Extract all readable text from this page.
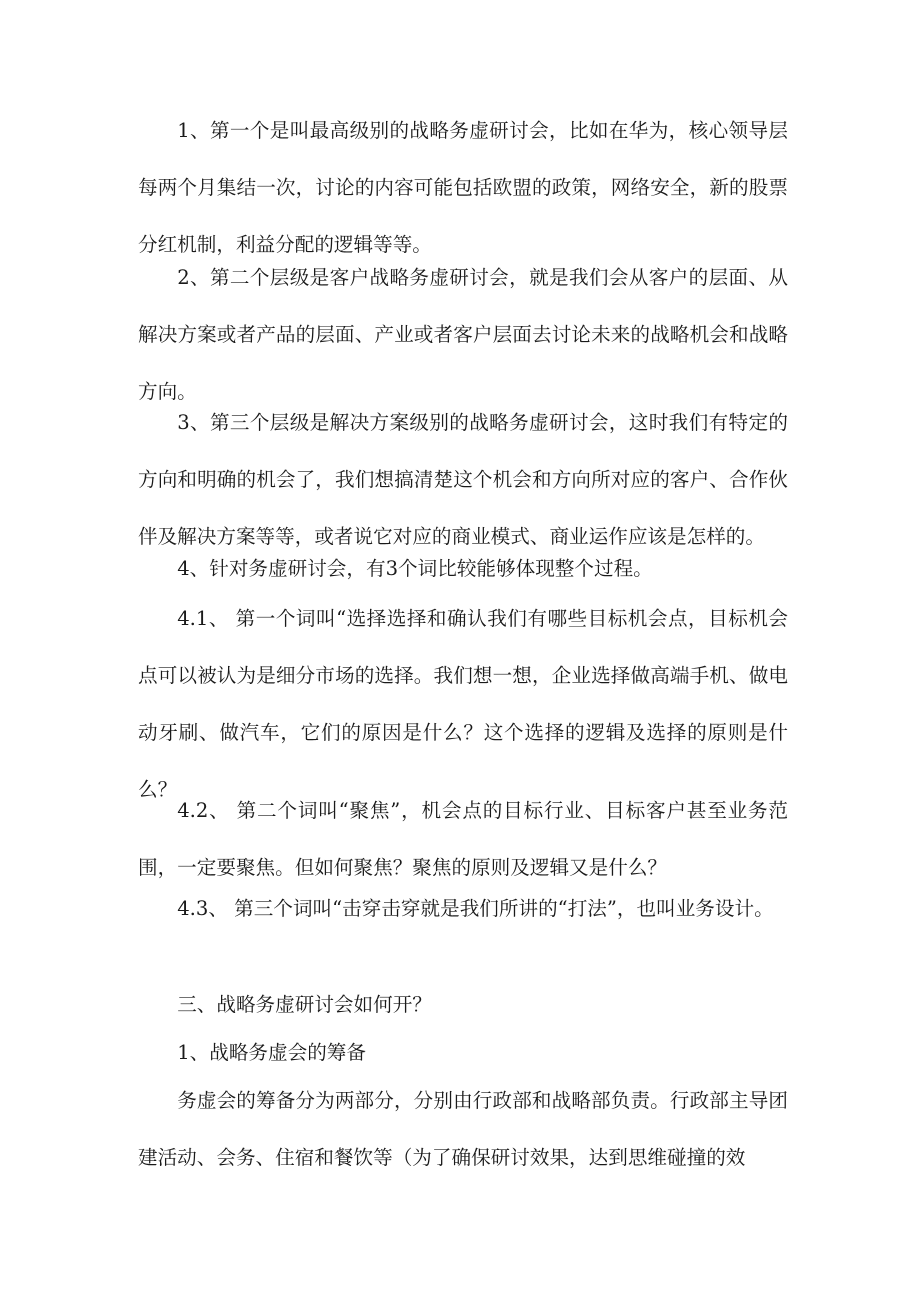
1、第一个是叫最高级别的战略务虚研讨会，比如在华为，核心领导层每两个月集结一次，讨论的内容可能包括欧盟的政策，网络安全，新的股票分红机制，利益分配的逻辑等等。

2、第二个层级是客户战略务虚研讨会，就是我们会从客户的层面、从解决方案或者产品的层面、产业或者客户层面去讨论未来的战略机会和战略方向。

3、第三个层级是解决方案级别的战略务虚研讨会，这时我们有特定的方向和明确的机会了，我们想搞清楚这个机会和方向所对应的客户、合作伙伴及解决方案等等，或者说它对应的商业模式、商业运作应该是怎样的。

4、针对务虚研讨会，有3个词比较能够体现整个过程。

4.1、 第一个词叫“选择选择和确认我们有哪些目标机会点，目标机会点可以被认为是细分市场的选择。我们想一想，企业选择做高端手机、做电动牙刷、做汽车，它们的原因是什么？这个选择的逻辑及选择的原则是什么？

4.2、 第二个词叫“聚焦”，机会点的目标行业、目标客户甚至业务范围，一定要聚焦。但如何聚焦？聚焦的原则及逻辑又是什么？

4.3、 第三个词叫“击穿击穿就是我们所讲的“打法”，也叫业务设计。

三、战略务虚研讨会如何开？

1、战略务虚会的筹备

务虚会的筹备分为两部分，分别由行政部和战略部负责。行政部主导团建活动、会务、住宿和餐饮等（为了确保研讨效果，达到思维碰撞的效
